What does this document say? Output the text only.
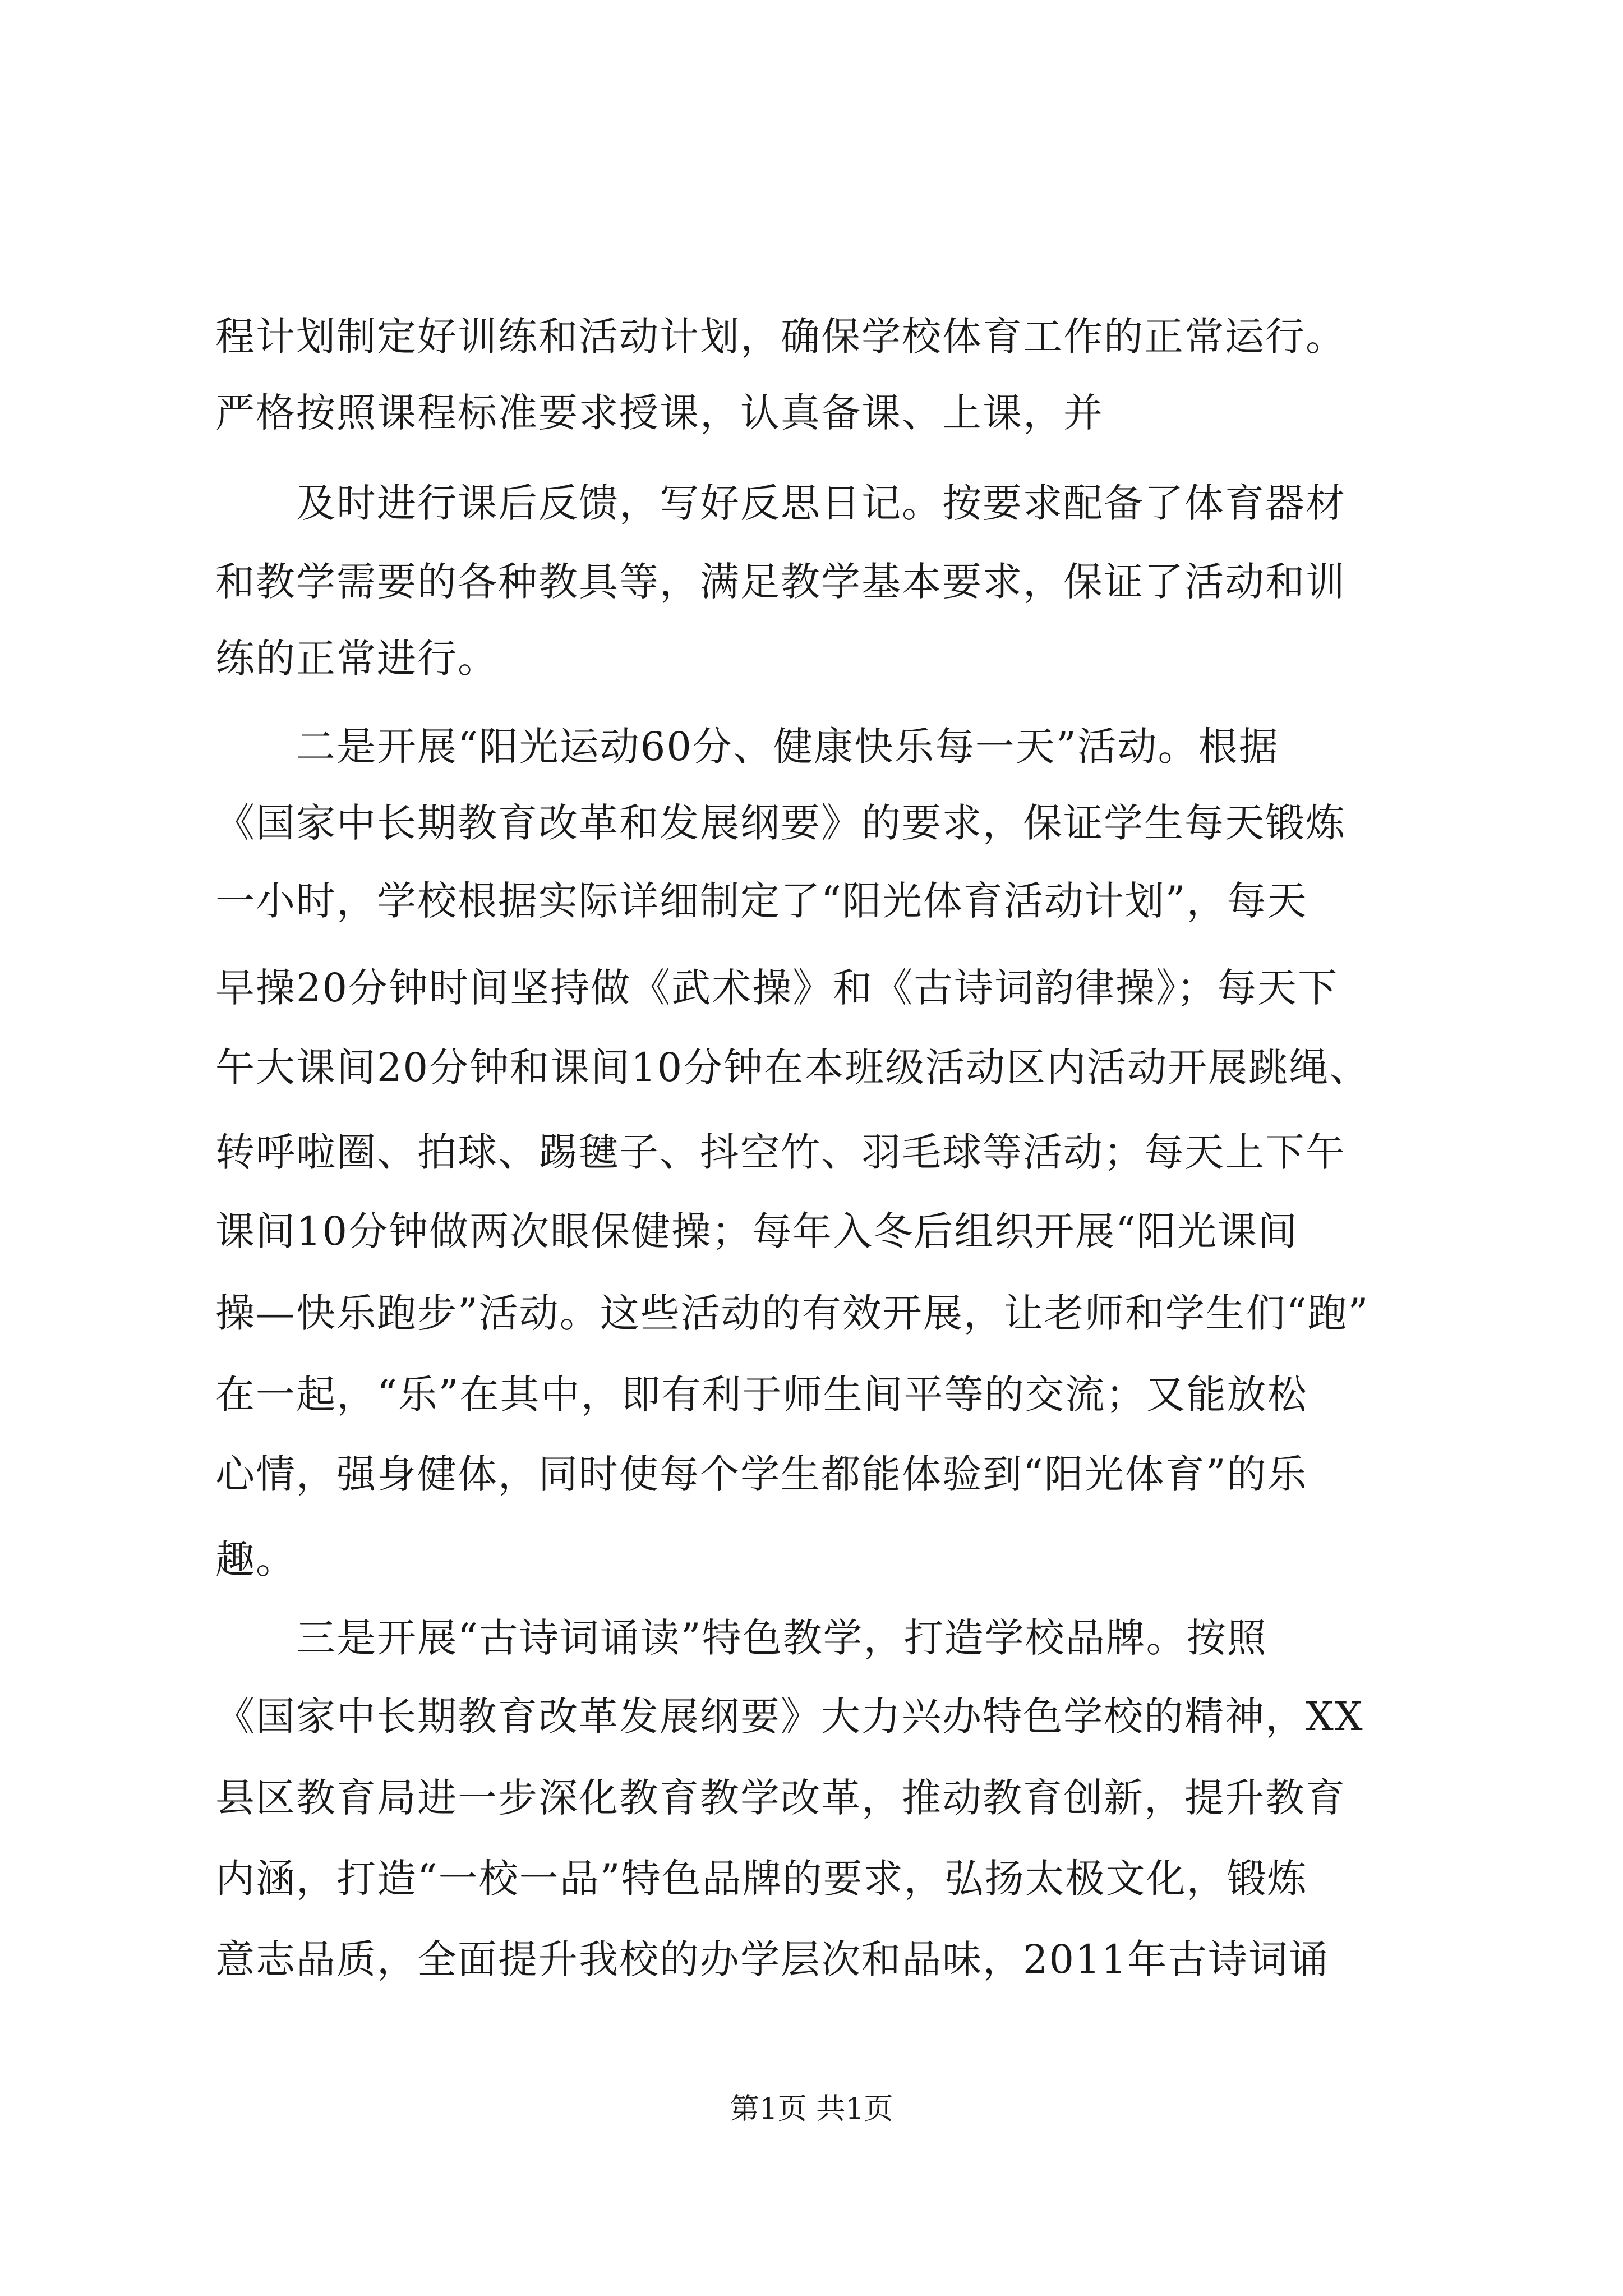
程计划制定好训练和活动计划，确保学校体育工作的正常运行。
严格按照课程标准要求授课，认真备课、上课，并
及时进行课后反馈，写好反思日记。按要求配备了体育器材
和教学需要的各种教具等，满足教学基本要求，保证了活动和训
练的正常进行。
二是开展“阳光运动60分、健康快乐每一天”活动。根据
《国家中长期教育改革和发展纲要》的要求，保证学生每天锻炼
一小时，学校根据实际详细制定了“阳光体育活动计划”，每天
早操20分钟时间坚持做《武术操》和《古诗词韵律操》；每天下
午大课间20分钟和课间10分钟在本班级活动区内活动开展跳绳、
转呼啦圈、拍球、踢毽子、抖空竹、羽毛球等活动；每天上下午
课间10分钟做两次眼保健操；每年入冬后组织开展“阳光课间
操—快乐跑步”活动。这些活动的有效开展，让老师和学生们“跑”
在一起，“乐”在其中，即有利于师生间平等的交流；又能放松
心情，强身健体，同时使每个学生都能体验到“阳光体育”的乐
趣。
三是开展“古诗词诵读”特色教学，打造学校品牌。按照
《国家中长期教育改革发展纲要》大力兴办特色学校的精神，XX
县区教育局进一步深化教育教学改革，推动教育创新，提升教育
内涵，打造“一校一品”特色品牌的要求，弘扬太极文化，锻炼
意志品质，全面提升我校的办学层次和品味，2011年古诗词诵
第1页 共1页
